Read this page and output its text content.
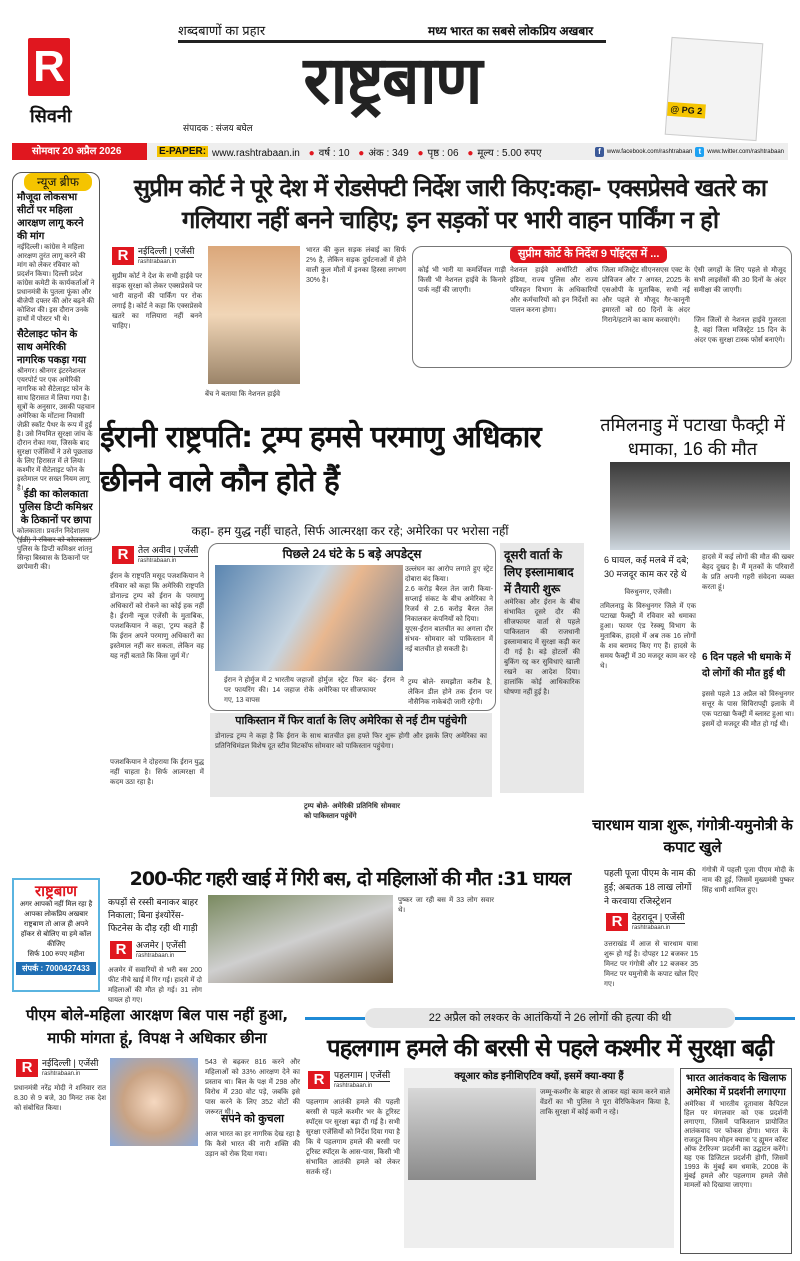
R
सिवनी
शब्दबाणों का प्रहार	मध्य भारत का सबसे लोकप्रिय अखबार
राष्ट्रबाण
संपादक : संजय बघेल
@ PG 2
सोमवार 20 अप्रैल 2026	E-PAPER: www.rashtrabaan.in ● वर्ष : 10 ● अंक : 349 ● पृष्ठ : 06 ● मूल्य : 5.00 रुपए	f	www.facebook.com/rashtrabaan t	www.twitter.com/rashtrabaan
मौजूदा लोकसभा सीटों पर महिला आरक्षण लागू करने की मांग
नईदिल्ली। कांग्रेस ने महिला आरक्षण तुरंत लागू करने की मांग को लेकर रविवार को प्रदर्शन किया। दिल्ली प्रदेश कांग्रेस कमेटी के कार्यकर्ताओं ने प्रधानमंत्री के पुतला फूंका और बीजेपी दफ्तर की ओर बढ़ने की कोशिश की। इस दौरान उनके हाथों में पोस्टर भी थे।
सैटेलाइट फोन के साथ अमेरिकी नागरिक पकड़ा गया
श्रीनगर। श्रीनगर इंटरनेशनल एयरपोर्ट पर एक अमेरिकी नागरिक को सैटेलाइट फोन के साथ हिरासत में लिया गया है। सूत्रों के अनुसार, उसकी पहचान अमेरिका के मोंटाना निवासी जेफ्री स्कॉट पैथर के रूप में हुई है। उसे नियमित सुरक्षा जांच के दौरान रोका गया, जिसके बाद सुरक्षा एजेंसियों ने उसे पूछताछ के लिए हिरासत में ले लिया। कश्मीर में सैटेलाइट फोन के इस्तेमाल पर सख्त नियम लागू है।
ईडी का कोलकाता पुलिस डिप्टी कमिश्नर के ठिकानों पर छापा
कोलकाता। प्रवर्तन निदेशालय (ईडी) ने रविवार को कोलकाता पुलिस के डिप्टी कमिश्नर शांतनु सिन्हा बिस्वास के ठिकानों पर छापेमारी की।
न्यूज ब्रीफ	सुप्रीम कोर्ट ने पूरे देश में रोडसेफ्टी निर्देश जारी किए:कहा- एक्सप्रेसवे खतरे का गलियारा नहीं बनने चाहिए; इन सड़कों पर भारी वाहन पार्किंग न हो
R	नईदिल्ली | एजेंसी
rashtrabaan.in
सुप्रीम कोर्ट ने देश के सभी हाईवे पर सड़क सुरक्षा को लेकर एक्सप्रेसवे पर भारी वाहनों की पार्किंग पर रोक लगाई है। कोर्ट ने कहा कि एक्सप्रेसवे खतरे का गलियारा नहीं बनने चाहिए।
बेंच ने बताया कि नेशनल हाईवे
भारत की कुल सड़क लंबाई का सिर्फ 2% है, लेकिन सड़क दुर्घटनाओं में होने वाली कुल मौतों में इनका हिस्सा लगभग 30% है।
सुप्रीम कोर्ट के निर्देश 9 पॉइंट्स में ...
कोई भी भारी या कमर्शियल गाड़ी किसी भी नेशनल हाईवे के किनारे पार्क नहीं की जाएगी।
नेशनल हाईवे अथॉरिटी ऑफ इंडिया, राज्य पुलिस और राज्य परिवहन विभाग के अधिकारियों और कर्मचारियों को इन निर्देशों का पालन करना होगा।
जिला मजिस्ट्रेट सीएनसएस एक्ट के प्रोविजन और 7 अगस्त, 2025 के एसओपी के मुताबिक, सभी नई और पहले से मौजूद गैर-कानूनी इमारतों को 60 दिनों के अंदर गिराने/हटाने का काम करवाएंगे।
ऐसी जगहों के लिए पहले से मौजूद सभी लाइसेंसों की 30 दिनों के अंदर समीक्षा की जाएगी।
जिन जिलों से नेशनल हाईवे गुजरता है, वहां जिला मजिस्ट्रेट 15 दिन के अंदर एक सुरक्षा टास्क फोर्स बनाएंगे।
ईरानी राष्ट्रपति: ट्रम्प हमसे परमाणु अधिकार छीनने वाले कौन होते हैं
कहा- हम युद्ध नहीं चाहते, सिर्फ आत्मरक्षा कर रहे; अमेरिका पर भरोसा नहीं
R	तेल अवीव | एजेंसी
rashtrabaan.in
ईरान के राष्ट्रपति मसूद पजशकियान ने रविवार को कहा कि अमेरिकी राष्ट्रपति डोनाल्ड ट्रम्प को ईरान के परमाणु अधिकारों को रोकने का कोई हक नहीं है। ईरानी न्यूज एजेंसी के मुताबिक, पजशकियान ने कहा, 'ट्रम्प कहते हैं कि ईरान अपने परमाणु अधिकारों का इस्तेमाल नहीं कर सकता, लेकिन वह यह नहीं बताते कि किस जुर्म में।'
पजशकियान ने दोहराया कि ईरान युद्ध नहीं चाहता है। सिर्फ आत्मरक्षा में कदम उठा रहा है।
पिछले 24 घंटे के 5 बड़े अपडेट्स
उल्लंघन का आरोप लगाते हुए स्ट्रेट दोबारा बंद किया।
2.6 करोड़ बैरल तेल जारी किया- सप्लाई संकट के बीच अमेरिका ने रिजर्व से 2.6 करोड़ बैरल तेल निकालकर कंपनियों को दिया।
यूएस-ईरान बातचीत का अगला दौर संभव- सोमवार को पाकिस्तान में नई बातचीत हो सकती है।
ईरान ने होर्मुज में 2 भारतीय जहाजों पर फायरिंग की। 14 जहाज रोके गए, 13 वापस
होर्मुज स्ट्रेट फिर बंद- ईरान ने अमेरिका पर सीजफायर
ट्रम्प बोले- समझौता करीब है, लेकिन डील होने तक ईरान पर नौसैनिक नाकेबंदी जारी रहेगी।
पाकिस्तान में फिर वार्ता के लिए अमेरिका से नई टीम पहुंचेगी
डोनाल्ड ट्रम्प ने कहा है कि ईरान के साथ बातचीत इस हफ्ते फिर शुरू होगी और इसके लिए अमेरिका का प्रतिनिधिमंडल विशेष दूत स्टीव विटकॉफ सोमवार को पाकिस्तान पहुंचेगा।
ट्रम्प बोले- अमेरिकी प्रतिनिधि सोमवार को पाकिस्तान पहुंचेंगे
दूसरी वार्ता के लिए इस्लामाबाद में तैयारी शुरू
अमेरिका और ईरान के बीच संभावित दूसरे दौर की सीजफायर वार्ता से पहले पाकिस्तान की राजधानी इस्लामाबाद में सुरक्षा कड़ी कर दी गई है। बड़े होटलों की बुकिंग रद्द कर सुविधाएं खाली रखने का आदेश दिया। हालांकि कोई आधिकारिक घोषणा नहीं हुई है।
तमिलनाडु में पटाखा फैक्ट्री में धमाका, 16 की मौत
6 घायल, कई मलबे में दबे; 30 मजदूर काम कर रहे थे
विरुधुनगर, एजेंसी।
तमिलनाडु के विरुधुनगर जिले में एक पटाखा फैक्ट्री में रविवार को धमाका हुआ। फायर एंड रेस्क्यू विभाग के मुताबिक, हादसे में अब तक 16 लोगों के शव बरामद किए गए हैं। हादसे के समय फैक्ट्री में 30 मजदूर काम कर रहे थे।
हादसे में कई लोगों की मौत की खबर बेहद दुखद है। मैं मृतकों के परिवारों के प्रति अपनी गहरी संवेदना व्यक्त करता हूं।
6 दिन पहले भी धमाके में दो लोगों की मौत हुई थी
इससे पहले 13 अप्रैल को विरुधुनगर सत्तूर के पास सिविरापट्टी इलाके में एक पटाखा फैक्ट्री में ब्लास्ट हुआ था। इसमें दो मजदूर की मौत हो गई थी।
चारधाम यात्रा शुरू, गंगोत्री-यमुनोत्री के कपाट खुले
पहली पूजा पीएम के नाम की हुई; अबतक 18 लाख लोगों ने करवाया रजिस्ट्रेशन
R	देहरादून | एजेंसी
rashtrabaan.in
उत्तराखंड में आज से चारधाम यात्रा शुरू हो गई है। दोपहर 12 बजकर 15 मिनट पर गंगोत्री और 12 बजकर 35 मिनट पर यमुनोत्री के कपाट खोल दिए गए।
गंगोत्री में पहली पूजा पीएम मोदी के नाम की हुई, जिसमें मुख्यमंत्री पुष्कर सिंह धामी शामिल हुए।
200-फीट गहरी खाई में गिरी बस, दो महिलाओं की मौत :31 घायल
कपड़ों से रस्सी बनाकर बाहर निकाला; बिना इंश्योरेंस-फिटनेस के दौड़ रही थी गाड़ी
R	अजमेर | एजेंसी
rashtrabaan.in
अजमेर में सवारियों से भरी बस 200 फीट नीचे खाई में गिर गई। हादसे में दो महिलाओं की मौत हो गई। 31 लोग घायल हो गए।
पुष्कर जा रही बस में 33 लोग सवार थे।
राष्ट्रबाण
अगर आपको नहीं मिल रहा है आपका लोकप्रिय अखबार राष्ट्रबाण तो आज ही अपने हॉकर से बोलिए या हमे कॉल कीजिए
सिर्फ 100 रुपए महीना
संपर्क : 7000427433
पीएम बोले-महिला आरक्षण बिल पास नहीं हुआ, माफी मांगता हूं, विपक्ष ने अधिकार छीना
R	नईदिल्ली | एजेंसी
rashtrabaan.in
प्रधानमंत्री नरेंद्र मोदी ने शनिवार रात 8.30 से 9 बजे, 30 मिनट तक देश को संबोधित किया।
543 से बढ़कर 816 करने और महिलाओं को 33% आरक्षण देने का प्रस्ताव था। बिल के पक्ष में 298 और विरोध में 230 वोट पड़े, जबकि इसे पास करने के लिए 352 वोटों की जरूरत थी।
सपने को कुचला
आज भारत का हर नागरिक देख रहा है कि कैसे भारत की नारी शक्ति की उड़ान को रोक दिया गया।
22 अप्रैल को लश्कर के आतंकियों ने 26 लोगों की हत्या की थी
पहलगाम हमले की बरसी से पहले कश्मीर में सुरक्षा बढ़ी
R	पहलगाम | एजेंसी
rashtrabaan.in
पहलगाम आतंकी हमले की पहली बरसी से पहले कश्मीर भर के टूरिस्ट स्पॉट्स पर सुरक्षा बढ़ा दी गई है। सभी सुरक्षा एजेंसियों को निर्देश दिया गया है कि ये पहलगाम हमले की बरसी पर टूरिस्ट स्पॉट्स के आस-पास, किसी भी संभावित आतंकी हमले को लेकर सतर्क रहें।
क्यूआर कोड इनीशिएटिव क्यों, इसमें क्या-क्या हैं
जम्मू-कश्मीर के बाहर से आकर यहां काम करने वाले वेंडरों का भी पुलिस ने पूरा वेरिफिकेशन किया है, ताकि सुरक्षा में कोई कमी न रहे।
भारत आतंकवाद के खिलाफ अमेरिका में प्रदर्शनी लगाएगा
अमेरिका में भारतीय दूतावास कैपिटल हिल पर मंगलवार को एक प्रदर्शनी लगाएगा, जिसमें पाकिस्तान प्रायोजित आतंकवाद पर फोकस होगा। भारत के राजदूत विनय मोहन क्वात्रा 'द ह्यूमन कॉस्ट ऑफ टेररिज्म' प्रदर्शनी का उद्घाटन करेंगे। यह एक डिजिटल प्रदर्शनी होगी, जिसमें 1993 के मुंबई बम धमाके, 2008 के मुंबई हमले और पहलगाम हमले जैसे मामलों को दिखाया जाएगा।
